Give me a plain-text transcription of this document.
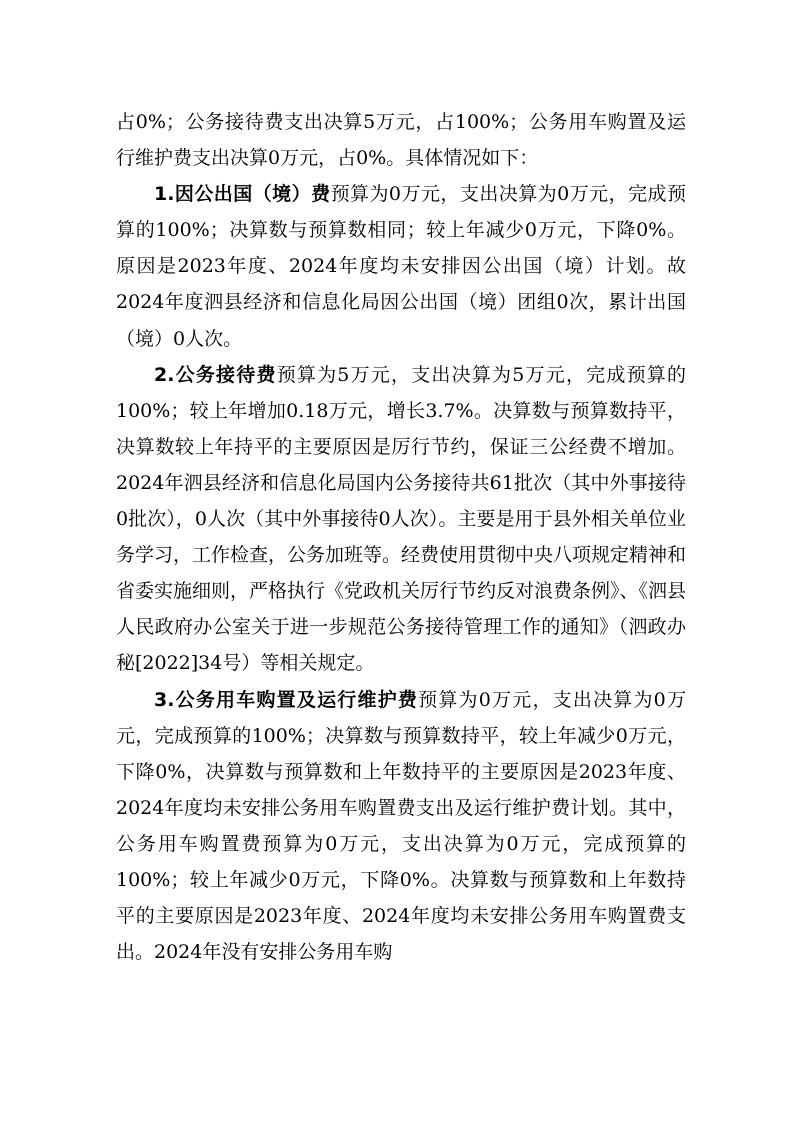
占0%；公务接待费支出决算5万元，占100%；公务用车购置及运行维护费支出决算0万元，占0%。具体情况如下：

1.因公出国（境）费预算为0万元，支出决算为0万元，完成预算的100%；决算数与预算数相同；较上年减少0万元，下降0%。原因是2023年度、2024年度均未安排因公出国（境）计划。故2024年度泗县经济和信息化局因公出国（境）团组0次，累计出国（境）0人次。

2.公务接待费预算为5万元，支出决算为5万元，完成预算的100%；较上年增加0.18万元，增长3.7%。决算数与预算数持平，决算数较上年持平的主要原因是厉行节约，保证三公经费不增加。2024年泗县经济和信息化局国内公务接待共61批次（其中外事接待0批次），0人次（其中外事接待0人次）。主要是用于县外相关单位业务学习，工作检查，公务加班等。经费使用贯彻中央八项规定精神和省委实施细则，严格执行《党政机关厉行节约反对浪费条例》、《泗县人民政府办公室关于进一步规范公务接待管理工作的通知》（泗政办秘[2022]34号）等相关规定。

3.公务用车购置及运行维护费预算为0万元，支出决算为0万元，完成预算的100%；决算数与预算数持平，较上年减少0万元，下降0%，决算数与预算数和上年数持平的主要原因是2023年度、2024年度均未安排公务用车购置费支出及运行维护费计划。其中，公务用车购置费预算为0万元，支出决算为0万元，完成预算的100%；较上年减少0万元，下降0%。决算数与预算数和上年数持平的主要原因是2023年度、2024年度均未安排公务用车购置费支出。2024年没有安排公务用车购
